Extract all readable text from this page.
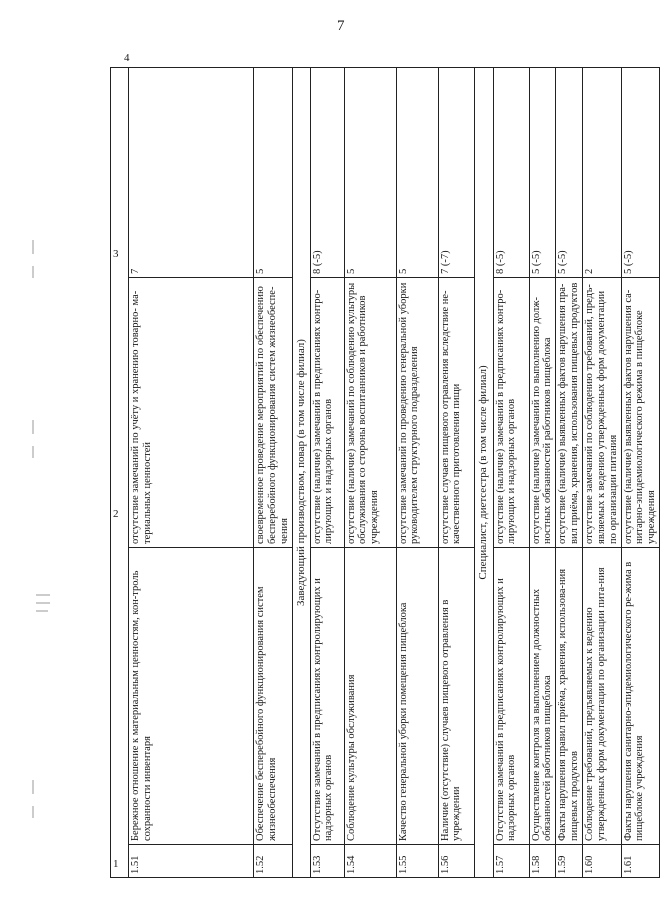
7

1.51	Бережное отношение к материальным ценностям, кон-троль сохранности инвентаря	отсутствие замечаний по учёту и хранению товарно- ма-териальных ценностей	7
1.52	Обеспечение бесперебойного функционирования систем жизнеобеспечения	своевременное проведение мероприятий по обеспечению бесперебойного функционирования систем жизнеобеспе-чения	5
Заведующий производством, повар (в том числе филиал)			
1.53	Отсутствие замечаний в предписаниях контролирующих и надзорных органов	отсутствие (наличие) замечаний в предписаниях контро-лирующих и надзорных органов	8 (-5)
1.54	Соблюдение культуры обслуживания	отсутствие (наличие) замечаний по соблюдению культуры обслуживания со стороны воспитанников и работников учреждения	5
1.55	Качество генеральной уборки помещения пищеблока	отсутствие замечаний по проведению генеральной уборки руководителем структурного подразделения	5
1.56	Наличие (отсутствие) случаев пищевого отравления в учреждении	отсутствие случаев пищевого отравления вследствие не-качественного приготовления пищи	7 (-7)
Специалист, диетсестра (в том числе филиал)			
1.57	Отсутствие замечаний в предписаниях контролирующих и надзорных органов	отсутствие (наличие) замечаний в предписаниях контро-лирующих и надзорных органов	8 (-5)
1.58	Осуществление контроля за выполнением должностных обязанностей работников пищеблока	отсутствие (наличие) замечаний по выполнению долж-ностных обязанностей работников пищеблока	5 (-5)
1.59	Факты нарушения правил приёма, хранения, использова-ния пищевых продуктов	отсутствие (наличие) выявленных фактов нарушения пра-вил приёма, хранения, использования пищевых продуктов	5 (-5)
1.60	Соблюдение требований, предъявляемых к ведению утвержденных форм документации по организации пита-ния	отсутствие замечаний по соблюдению требований, предъ-являемых к ведению утвержденных форм документации по организации питания	2
1.61	Факты нарушения санитарно-эпидемиологического ре-жима в пищеблоке учреждения	отсутствие (наличие) выявленных фактов нарушения са-нитарно-эпидемиологического режима в пищеблоке учреждения	5 (-5)
4
3
2
1
